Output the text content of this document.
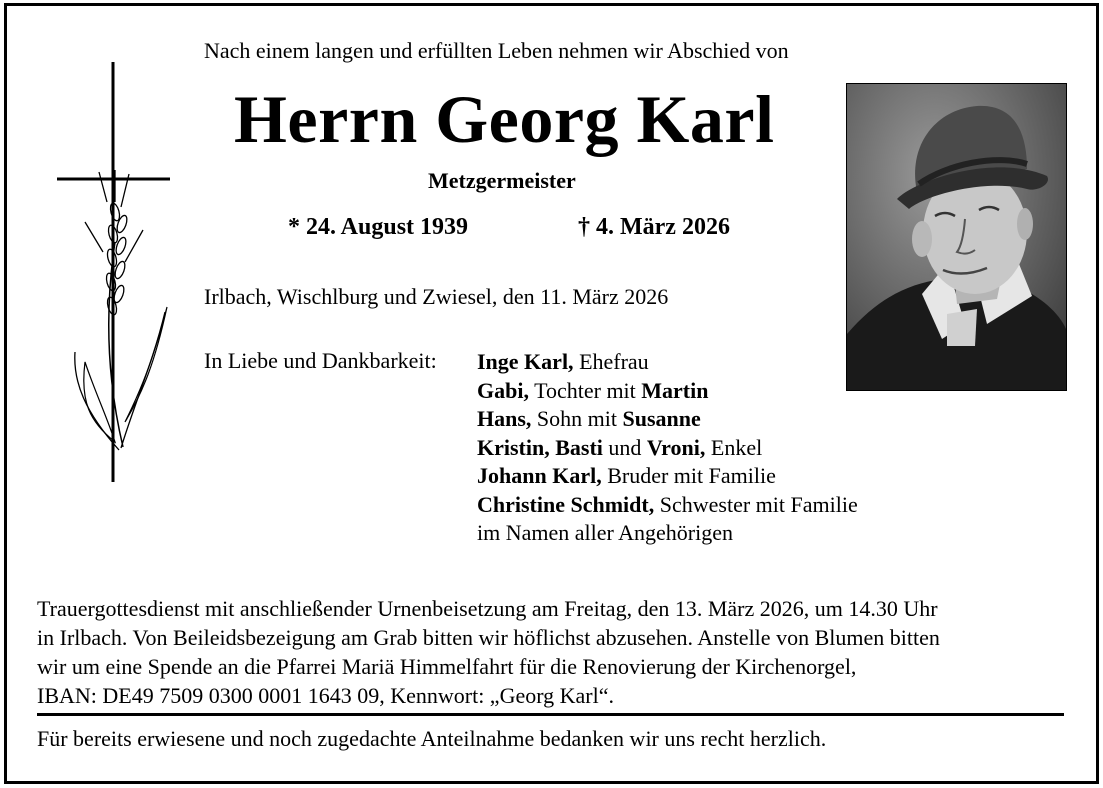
Nach einem langen und erfüllten Leben nehmen wir Abschied von
Herrn Georg Karl
Metzgermeister
* 24. August 1939	† 4. März 2026
Irlbach, Wischlburg und Zwiesel, den 11. März 2026
In Liebe und Dankbarkeit: Inge Karl, Ehefrau
Gabi, Tochter mit Martin
Hans, Sohn mit Susanne
Kristin, Basti und Vroni, Enkel
Johann Karl, Bruder mit Familie
Christine Schmidt, Schwester mit Familie
im Namen aller Angehörigen
Trauergottesdienst mit anschließender Urnenbeisetzung am Freitag, den 13. März 2026, um 14.30 Uhr
in Irlbach. Von Beileidsbezeigung am Grab bitten wir höflichst abzusehen. Anstelle von Blumen bitten
wir um eine Spende an die Pfarrei Mariä Himmelfahrt für die Renovierung der Kirchenorgel,
IBAN: DE49 7509 0300 0001 1643 09, Kennwort: „Georg Karl“.
Für bereits erwiesene und noch zugedachte Anteilnahme bedanken wir uns recht herzlich.
